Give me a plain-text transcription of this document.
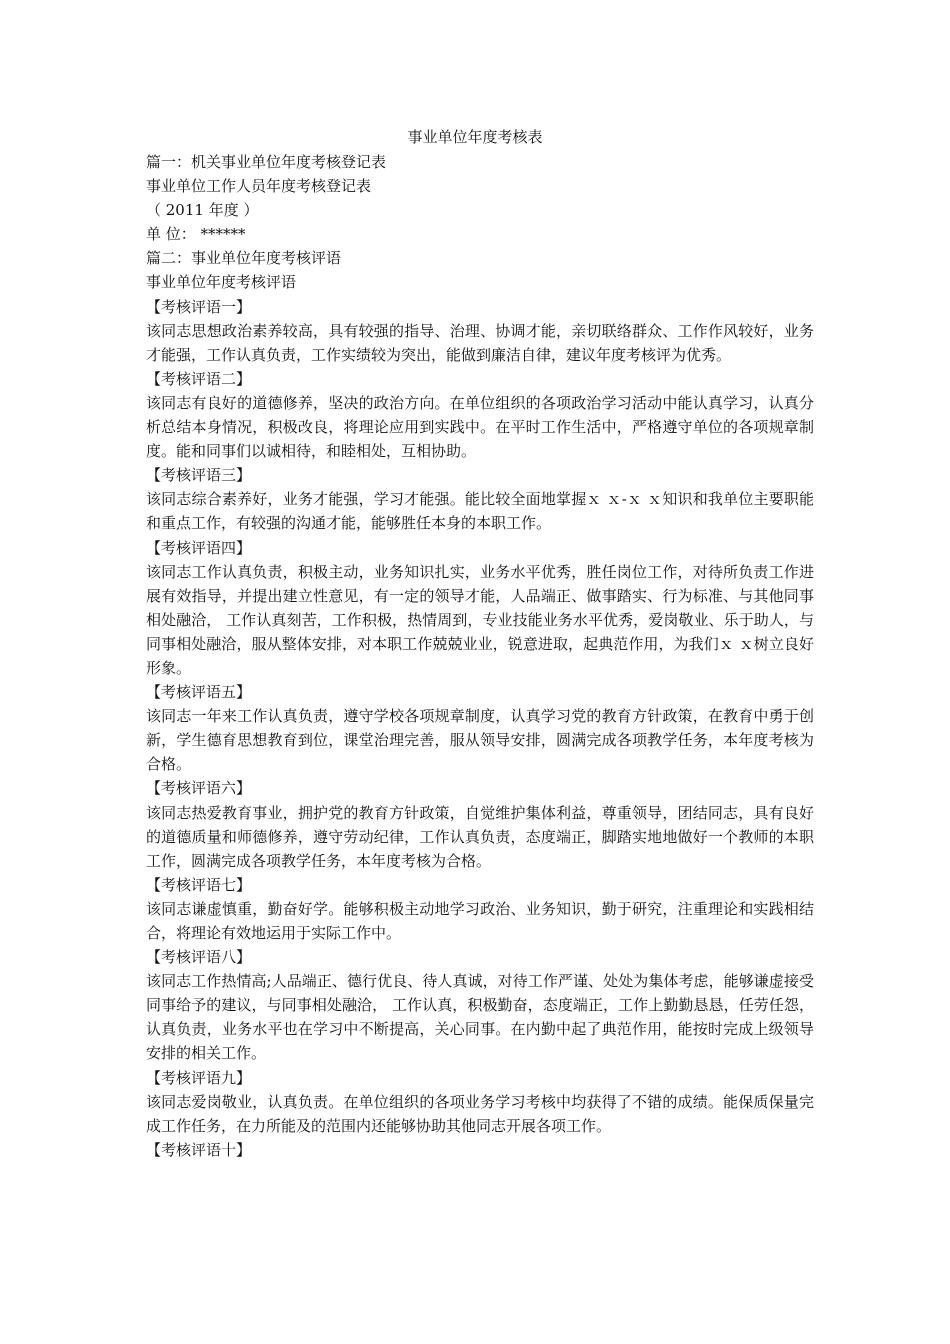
事业单位年度考核表

篇一：机关事业单位年度考核登记表

事业单位工作人员年度考核登记表

（ 2011 年度 ）

单 位： ******

篇二：事业单位年度考核评语

事业单位年度考核评语

【考核评语一】

该同志思想政治素养较高，具有较强的指导、治理、协调才能，亲切联络群众、工作作风较好，业务才能强，工作认真负责，工作实绩较为突出，能做到廉洁自律，建议年度考核评为优秀。

【考核评语二】

该同志有良好的道德修养，坚决的政治方向。在单位组织的各项政治学习活动中能认真学习，认真分析总结本身情况，积极改良，将理论应用到实践中。在平时工作生活中，严格遵守单位的各项规章制度。能和同事们以诚相待，和睦相处，互相协助。

【考核评语三】

该同志综合素养好，业务才能强，学习才能强。能比较全面地掌握ｘ ｘ-ｘ ｘ知识和我单位主要职能和重点工作，有较强的沟通才能，能够胜任本身的本职工作。

【考核评语四】

该同志工作认真负责，积极主动，业务知识扎实，业务水平优秀，胜任岗位工作，对待所负责工作进展有效指导，并提出建立性意见，有一定的领导才能，人品端正、做事踏实、行为标准、与其他同事相处融洽， 工作认真刻苦，工作积极，热情周到，专业技能业务水平优秀，爱岗敬业、乐于助人，与同事相处融洽，服从整体安排，对本职工作兢兢业业，锐意进取，起典范作用，为我们ｘ ｘ树立良好形象。

【考核评语五】

该同志一年来工作认真负责，遵守学校各项规章制度，认真学习党的教育方针政策，在教育中勇于创新，学生德育思想教育到位，课堂治理完善，服从领导安排，圆满完成各项教学任务，本年度考核为合格。

【考核评语六】

该同志热爱教育事业，拥护党的教育方针政策，自觉维护集体利益，尊重领导，团结同志，具有良好的道德质量和师德修养，遵守劳动纪律，工作认真负责，态度端正，脚踏实地地做好一个教师的本职工作，圆满完成各项教学任务，本年度考核为合格。

【考核评语七】

该同志谦虚慎重，勤奋好学。能够积极主动地学习政治、业务知识，勤于研究，注重理论和实践相结合，将理论有效地运用于实际工作中。

【考核评语八】

该同志工作热情高;人品端正、德行优良、待人真诚，对待工作严谨、处处为集体考虑，能够谦虚接受同事给予的建议，与同事相处融洽， 工作认真，积极勤奋，态度端正，工作上勤勤恳恳，任劳任怨，认真负责，业务水平也在学习中不断提高，关心同事。在内勤中起了典范作用，能按时完成上级领导安排的相关工作。

【考核评语九】

该同志爱岗敬业，认真负责。在单位组织的各项业务学习考核中均获得了不错的成绩。能保质保量完成工作任务，在力所能及的范围内还能够协助其他同志开展各项工作。

【考核评语十】
